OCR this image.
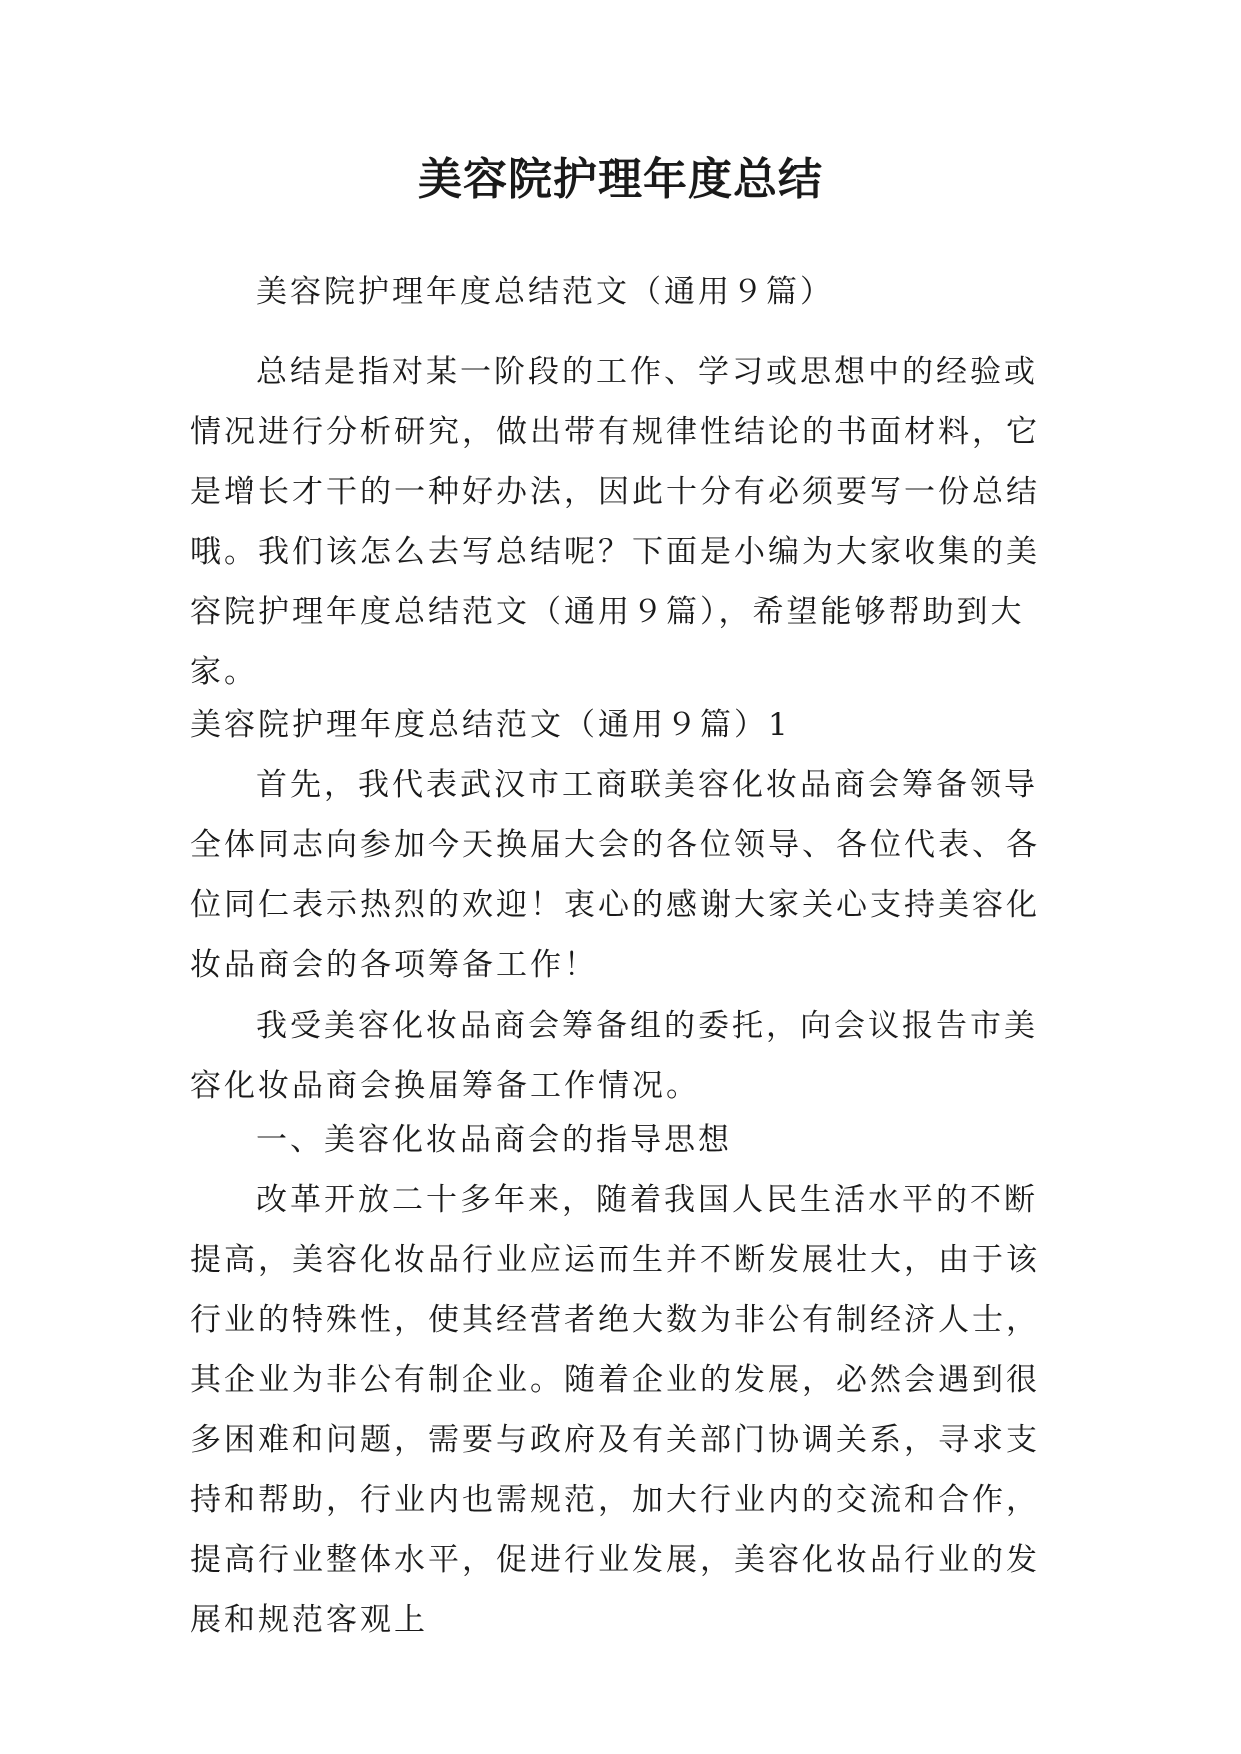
美容院护理年度总结

美容院护理年度总结范文（通用９篇）

总结是指对某一阶段的工作、学习或思想中的经验或情况进行分析研究，做出带有规律性结论的书面材料，它是增长才干的一种好办法，因此十分有必须要写一份总结哦。我们该怎么去写总结呢？下面是小编为大家收集的美容院护理年度总结范文（通用９篇），希望能够帮助到大家。

美容院护理年度总结范文（通用９篇）1

首先，我代表武汉市工商联美容化妆品商会筹备领导全体同志向参加今天换届大会的各位领导、各位代表、各位同仁表示热烈的欢迎！衷心的感谢大家关心支持美容化妆品商会的各项筹备工作！

我受美容化妆品商会筹备组的委托，向会议报告市美容化妆品商会换届筹备工作情况。

一、美容化妆品商会的指导思想

改革开放二十多年来，随着我国人民生活水平的不断提高，美容化妆品行业应运而生并不断发展壮大，由于该行业的特殊性，使其经营者绝大数为非公有制经济人士，其企业为非公有制企业。随着企业的发展，必然会遇到很多困难和问题，需要与政府及有关部门协调关系，寻求支持和帮助，行业内也需规范，加大行业内的交流和合作，提高行业整体水平，促进行业发展，美容化妆品行业的发展和规范客观上
